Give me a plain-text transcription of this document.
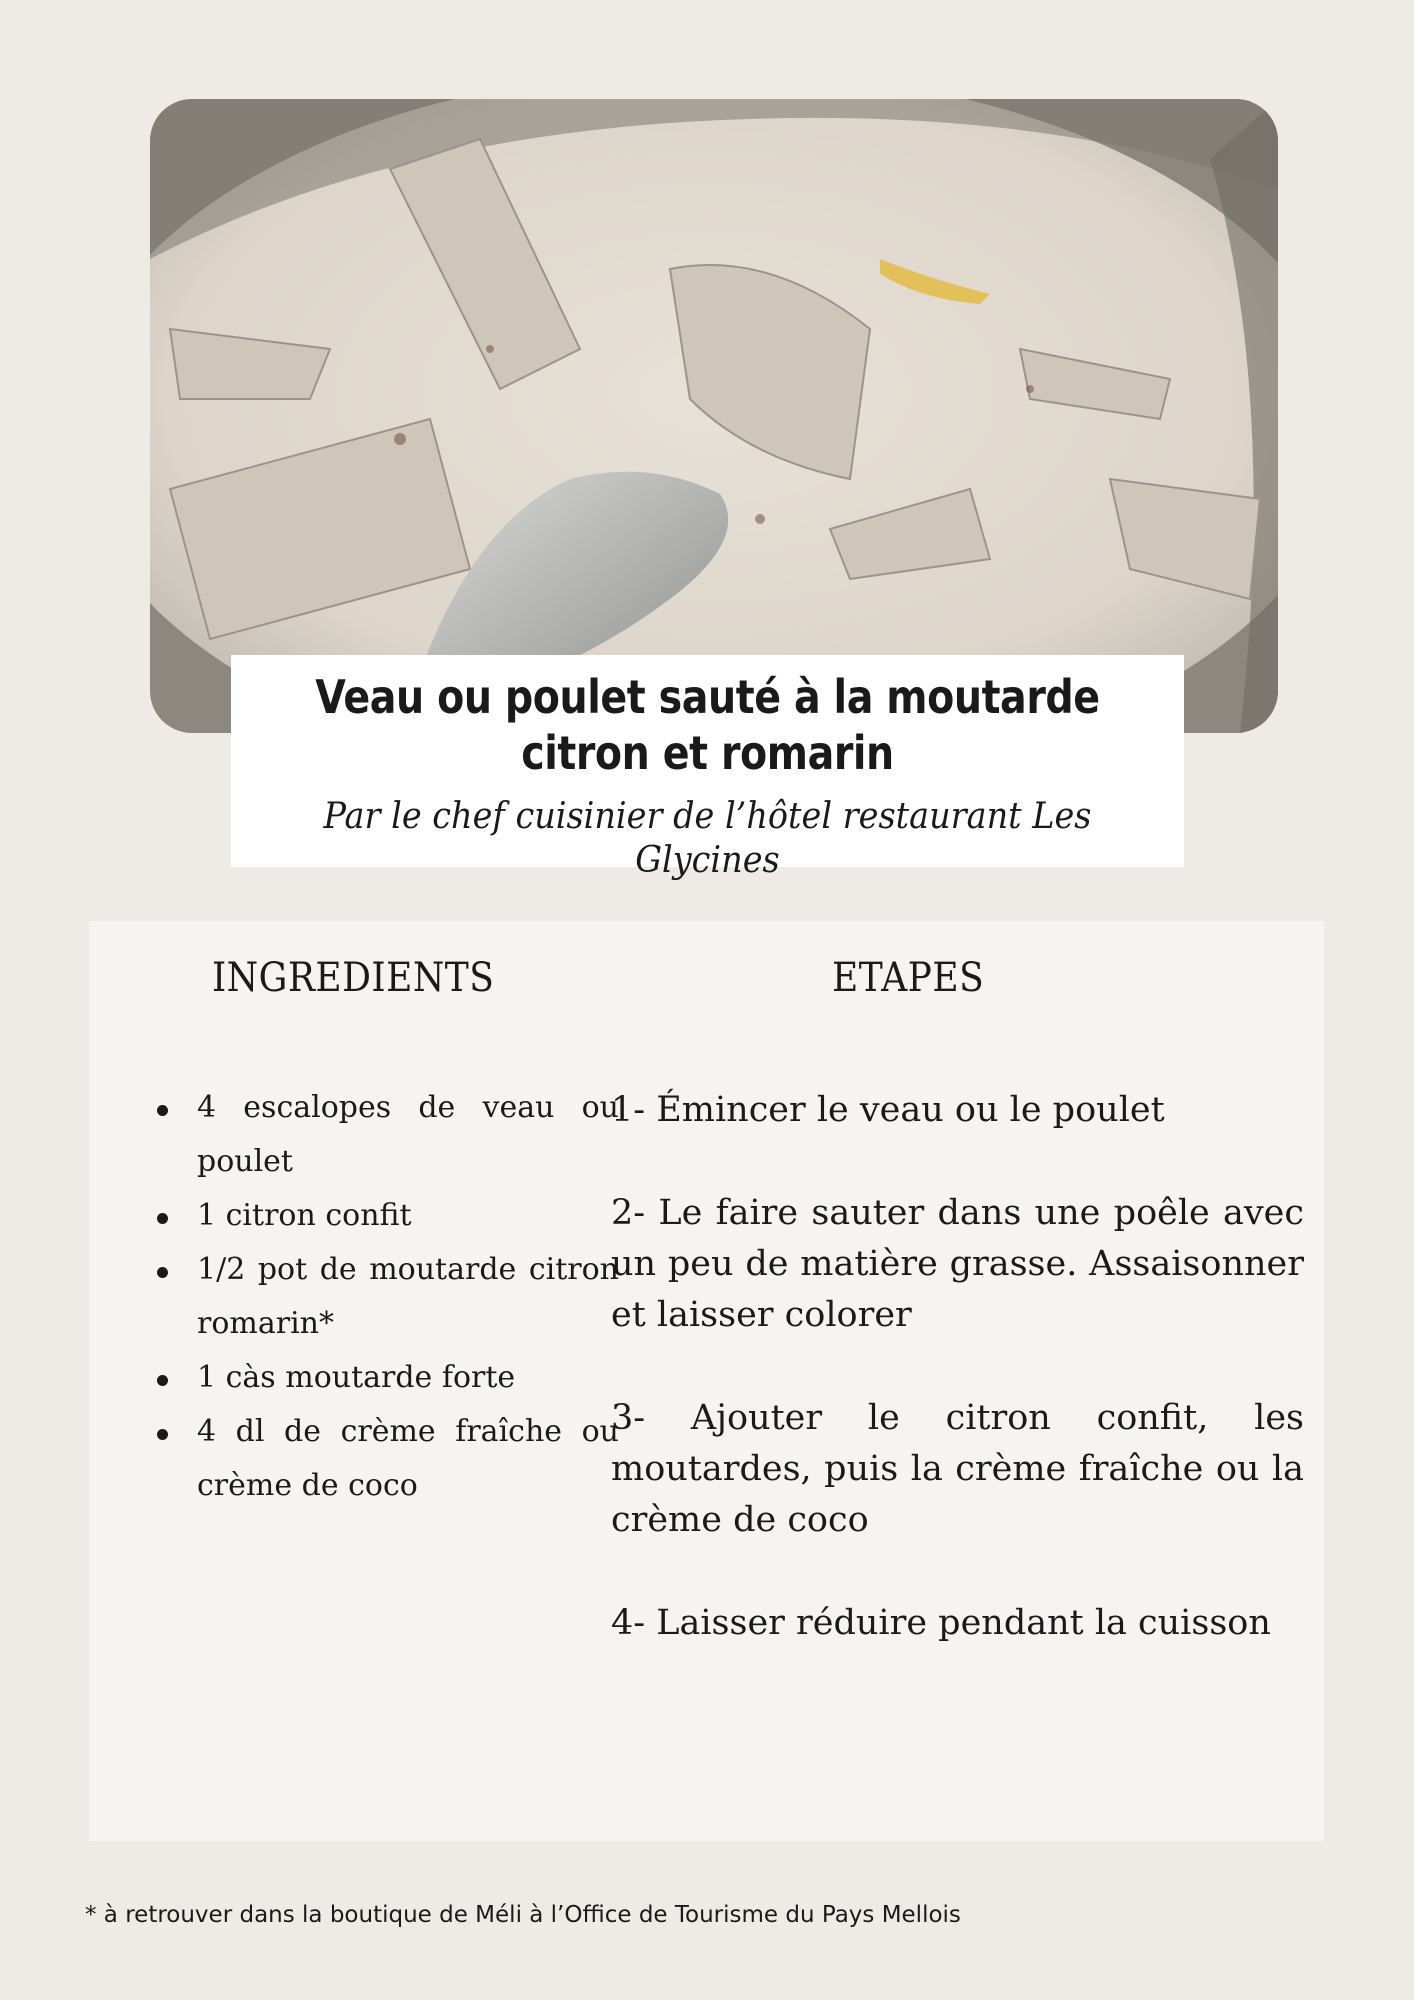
Veau ou poulet sauté à la moutarde citron et romarin
Par le chef cuisinier de l’hôtel restaurant Les Glycines
INGREDIENTS	ETAPES
4 escalopes de veau ou poulet
1 citron confit
1/2 pot de moutarde citron romarin*
1 càs moutarde forte
4 dl de crème fraîche ou crème de coco

1- Émincer le veau ou le poulet

2- Le faire sauter dans une poêle avec un peu de matière grasse. Assaisonner et laisser colorer

3- Ajouter le citron confit, les moutardes, puis la crème fraîche ou la crème de coco

4- Laisser réduire pendant la cuisson

* à retrouver dans la boutique de Méli à l’Office de Tourisme du Pays Mellois
